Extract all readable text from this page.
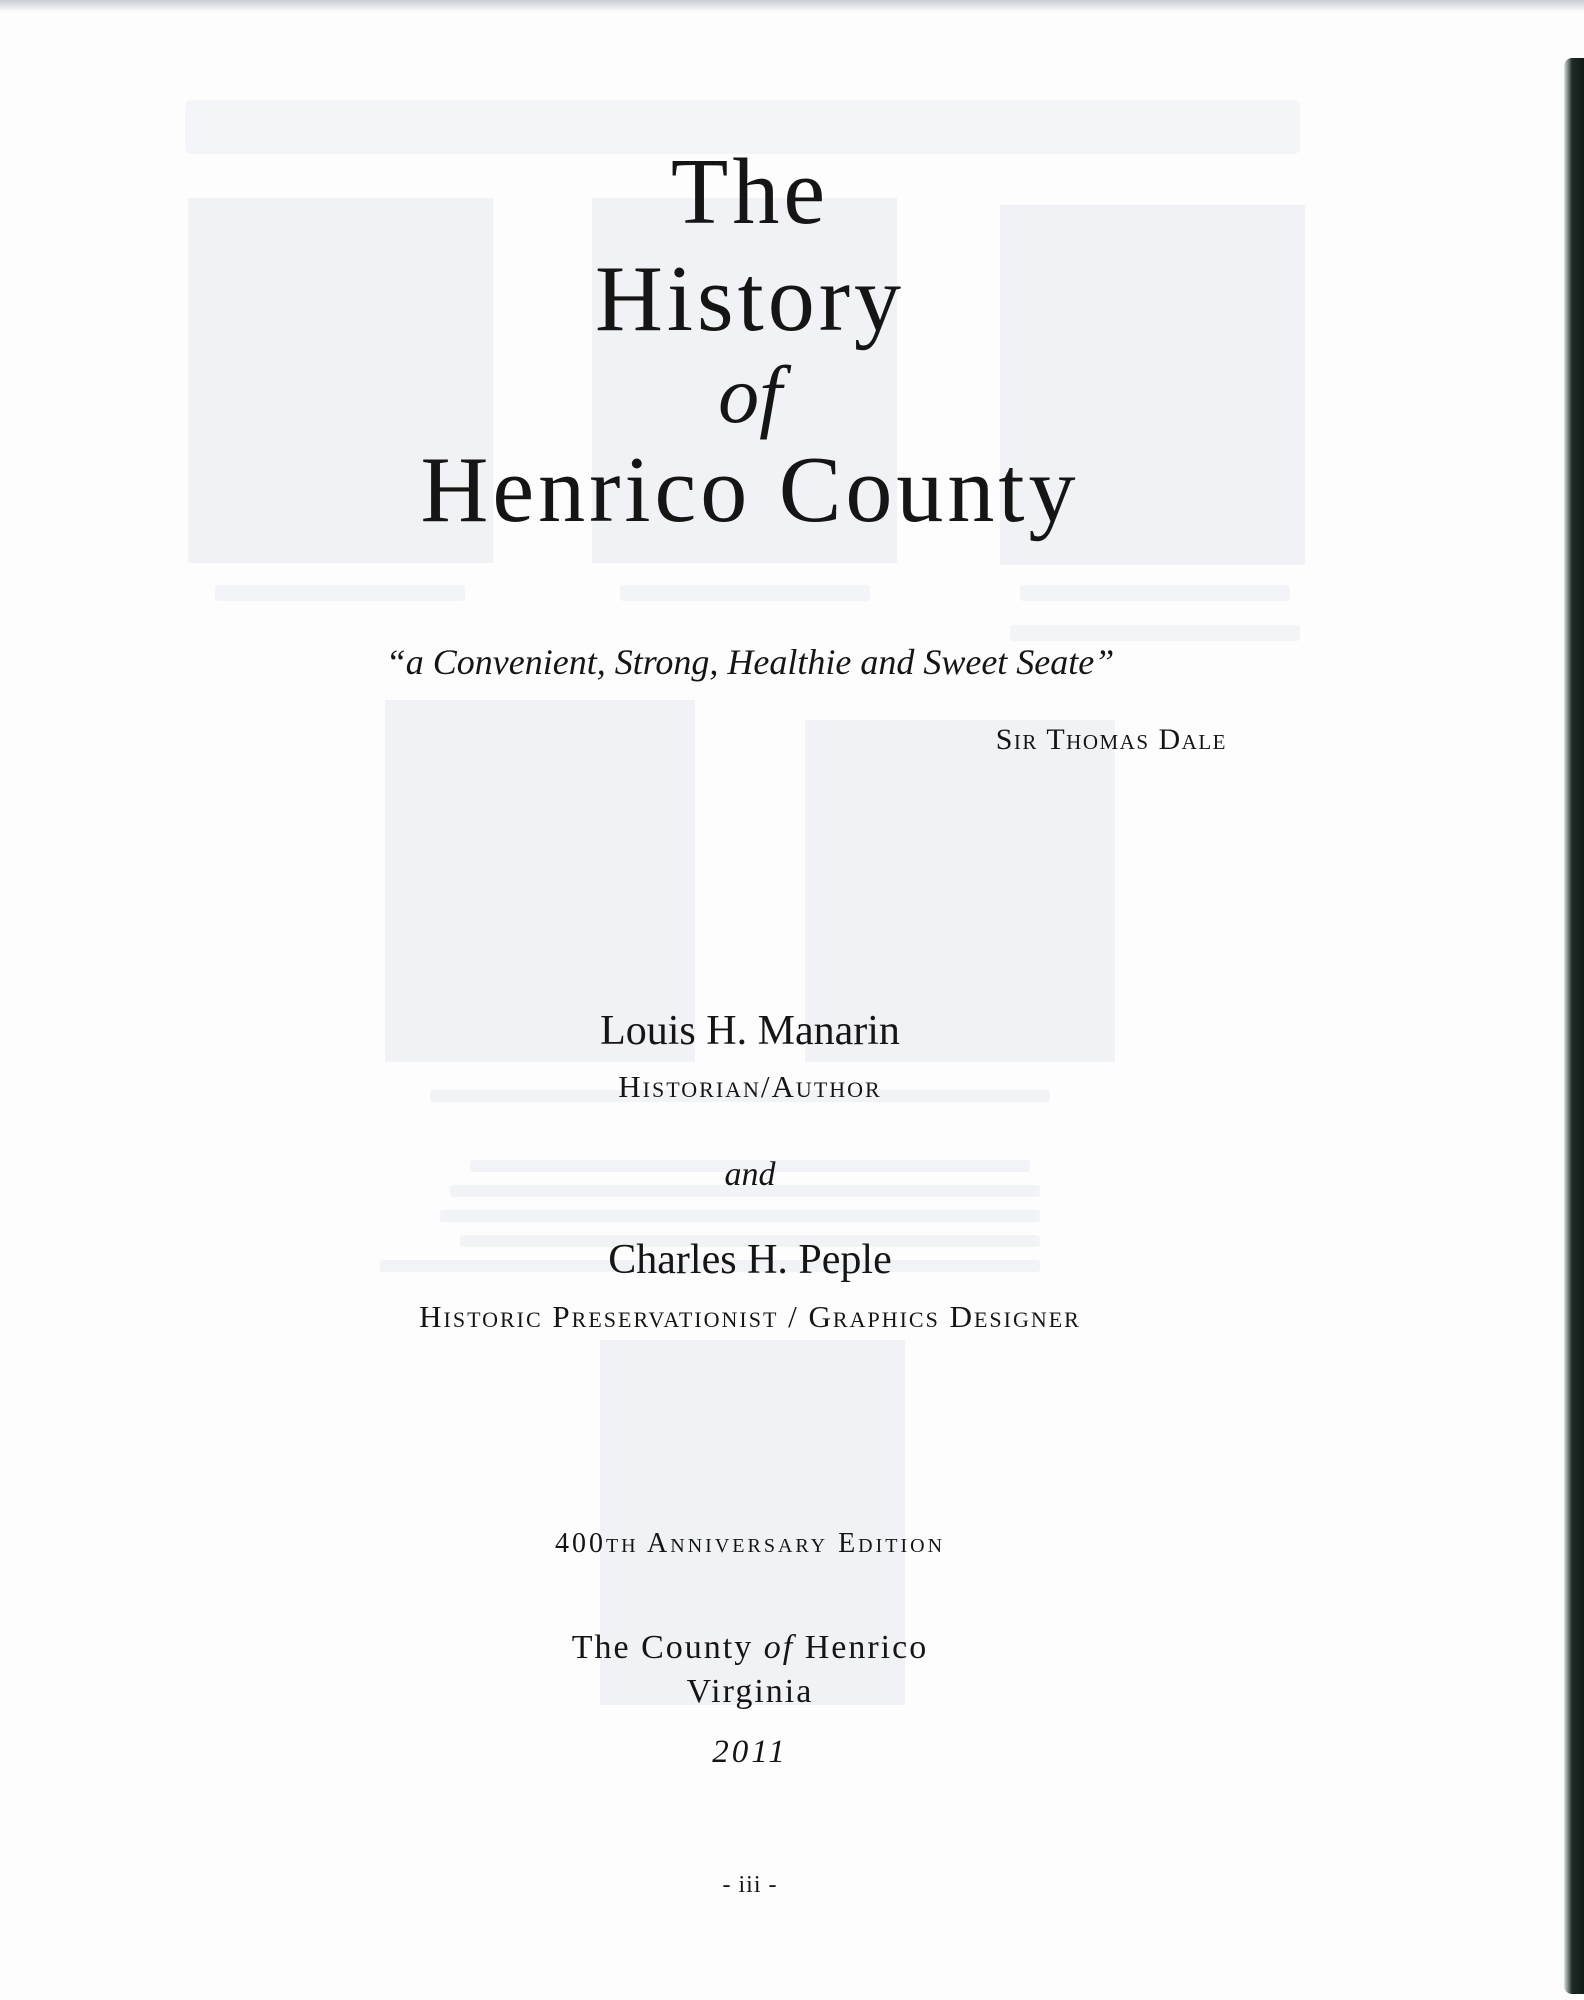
The
History
of
Henrico County
“a Convenient, Strong, Healthie and Sweet Seate”
Sir Thomas Dale
Louis H. Manarin
Historian/Author
and
Charles H. Peple
Historic Preservationist / Graphics Designer
400th Anniversary Edition
The County of Henrico
Virginia
2011
- iii -
